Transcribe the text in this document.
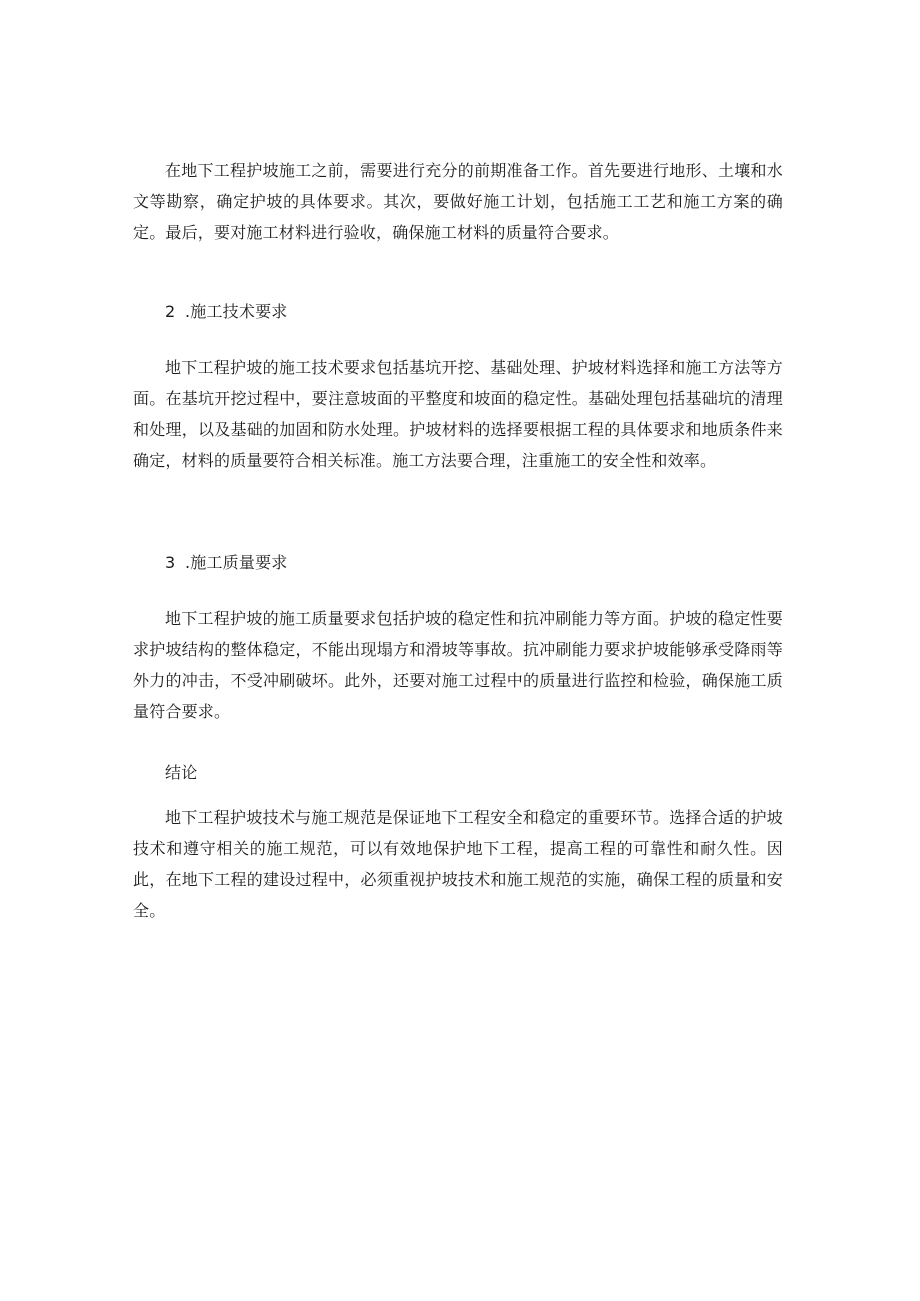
在地下工程护坡施工之前，需要进行充分的前期准备工作。首先要进行地形、土壤和水文等勘察，确定护坡的具体要求。其次，要做好施工计划，包括施工工艺和施工方案的确定。最后，要对施工材料进行验收，确保施工材料的质量符合要求。

2 .施工技术要求

地下工程护坡的施工技术要求包括基坑开挖、基础处理、护坡材料选择和施工方法等方面。在基坑开挖过程中，要注意坡面的平整度和坡面的稳定性。基础处理包括基础坑的清理和处理，以及基础的加固和防水处理。护坡材料的选择要根据工程的具体要求和地质条件来确定，材料的质量要符合相关标准。施工方法要合理，注重施工的安全性和效率。

3 .施工质量要求

地下工程护坡的施工质量要求包括护坡的稳定性和抗冲刷能力等方面。护坡的稳定性要求护坡结构的整体稳定，不能出现塌方和滑坡等事故。抗冲刷能力要求护坡能够承受降雨等外力的冲击，不受冲刷破坏。此外，还要对施工过程中的质量进行监控和检验，确保施工质量符合要求。

结论

地下工程护坡技术与施工规范是保证地下工程安全和稳定的重要环节。选择合适的护坡技术和遵守相关的施工规范，可以有效地保护地下工程，提高工程的可靠性和耐久性。因此，在地下工程的建设过程中，必须重视护坡技术和施工规范的实施，确保工程的质量和安全。
